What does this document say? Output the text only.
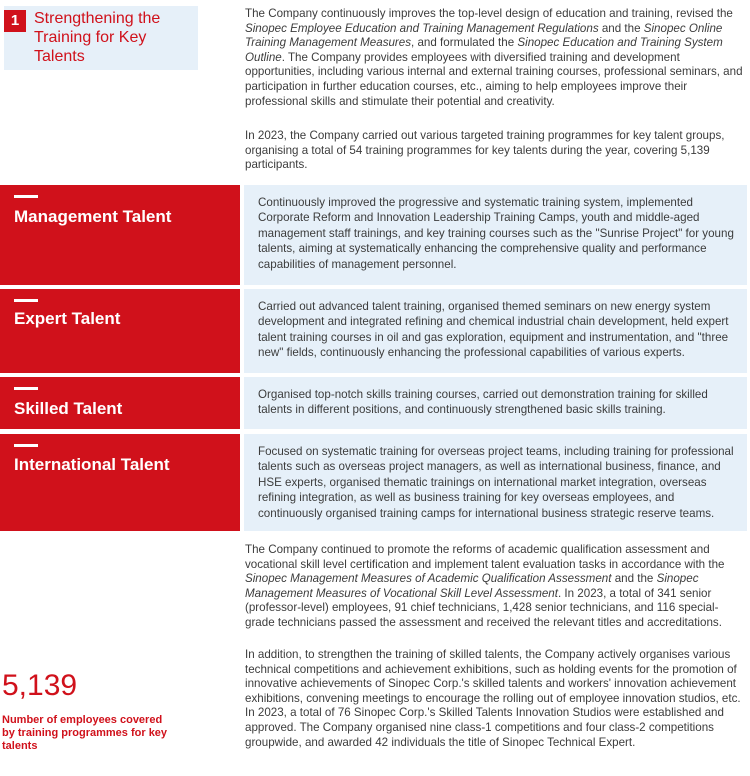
1 Strengthening the Training for Key Talents

The Company continuously improves the top-level design of education and training, revised the Sinopec Employee Education and Training Management Regulations and the Sinopec Online Training Management Measures, and formulated the Sinopec Education and Training System Outline. The Company provides employees with diversified training and development opportunities, including various internal and external training courses, professional seminars, and participation in further education courses, etc., aiming to help employees improve their professional skills and stimulate their potential and creativity.

In 2023, the Company carried out various targeted training programmes for key talent groups, organising a total of 54 training programmes for key talents during the year, covering 5,139 participants.

Management Talent
Continuously improved the progressive and systematic training system, implemented Corporate Reform and Innovation Leadership Training Camps, youth and middle-aged management staff trainings, and key training courses such as the "Sunrise Project" for young talents, aiming at systematically enhancing the comprehensive quality and performance capabilities of management personnel.
Expert Talent
Carried out advanced talent training, organised themed seminars on new energy system development and integrated refining and chemical industrial chain development, held expert talent training courses in oil and gas exploration, equipment and instrumentation, and "three new" fields, continuously enhancing the professional capabilities of various experts.
Skilled Talent
Organised top-notch skills training courses, carried out demonstration training for skilled talents in different positions, and continuously strengthened basic skills training.
International Talent
Focused on systematic training for overseas project teams, including training for professional talents such as overseas project managers, as well as international business, finance, and HSE experts, organised thematic trainings on international market integration, overseas refining integration, as well as business training for key overseas employees, and continuously organised training camps for international business strategic reserve teams.

The Company continued to promote the reforms of academic qualification assessment and vocational skill level certification and implement talent evaluation tasks in accordance with the Sinopec Management Measures of Academic Qualification Assessment and the Sinopec Management Measures of Vocational Skill Level Assessment. In 2023, a total of 341 senior (professor-level) employees, 91 chief technicians, 1,428 senior technicians, and 116 special-grade technicians passed the assessment and received the relevant titles and accreditations.

In addition, to strengthen the training of skilled talents, the Company actively organises various technical competitions and achievement exhibitions, such as holding events for the promotion of innovative achievements of Sinopec Corp.'s skilled talents and workers' innovation achievement exhibitions, convening meetings to encourage the rolling out of employee innovation studios, etc. In 2023, a total of 76 Sinopec Corp.'s Skilled Talents Innovation Studios were established and approved. The Company organised nine class-1 competitions and four class-2 competitions groupwide, and awarded 42 individuals the title of Sinopec Technical Expert.

5,139
Number of employees covered by training programmes for key talents
